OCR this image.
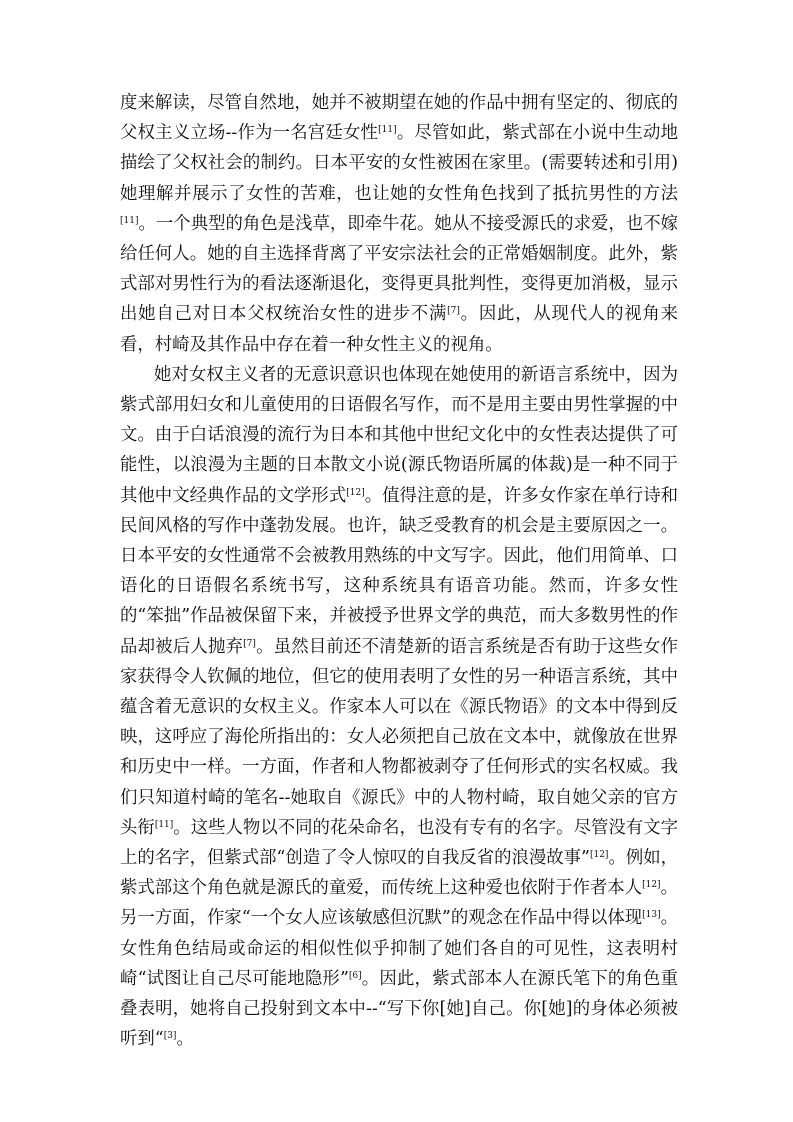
度来解读，尽管自然地，她并不被期望在她的作品中拥有坚定的、彻底的父权主义立场--作为一名宫廷女性[11]。尽管如此，紫式部在小说中生动地描绘了父权社会的制约。日本平安的女性被困在家里。(需要转述和引用)她理解并展示了女性的苦难，也让她的女性角色找到了抵抗男性的方法[11]。一个典型的角色是浅草，即牵牛花。她从不接受源氏的求爱，也不嫁给任何人。她的自主选择背离了平安宗法社会的正常婚姻制度。此外，紫式部对男性行为的看法逐渐退化，变得更具批判性，变得更加消极，显示出她自己对日本父权统治女性的进步不满[7]。因此，从现代人的视角来看，村崎及其作品中存在着一种女性主义的视角。

她对女权主义者的无意识意识也体现在她使用的新语言系统中，因为紫式部用妇女和儿童使用的日语假名写作，而不是用主要由男性掌握的中文。由于白话浪漫的流行为日本和其他中世纪文化中的女性表达提供了可能性，以浪漫为主题的日本散文小说(源氏物语所属的体裁)是一种不同于其他中文经典作品的文学形式[12]。值得注意的是，许多女作家在单行诗和民间风格的写作中蓬勃发展。也许，缺乏受教育的机会是主要原因之一。日本平安的女性通常不会被教用熟练的中文写字。因此，他们用简单、口语化的日语假名系统书写，这种系统具有语音功能。然而，许多女性的“笨拙”作品被保留下来，并被授予世界文学的典范，而大多数男性的作品却被后人抛弃[7]。虽然目前还不清楚新的语言系统是否有助于这些女作家获得令人钦佩的地位，但它的使用表明了女性的另一种语言系统，其中蕴含着无意识的女权主义。作家本人可以在《源氏物语》的文本中得到反映，这呼应了海伦所指出的：女人必须把自己放在文本中，就像放在世界和历史中一样。一方面，作者和人物都被剥夺了任何形式的实名权威。我们只知道村崎的笔名--她取自《源氏》中的人物村崎，取自她父亲的官方头衔[11]。这些人物以不同的花朵命名，也没有专有的名字。尽管没有文字上的名字，但紫式部“创造了令人惊叹的自我反省的浪漫故事”[12]。例如，紫式部这个角色就是源氏的童爱，而传统上这种爱也依附于作者本人[12]。另一方面，作家“一个女人应该敏感但沉默”的观念在作品中得以体现[13]。女性角色结局或命运的相似性似乎抑制了她们各自的可见性，这表明村崎“试图让自己尽可能地隐形”[6]。因此，紫式部本人在源氏笔下的角色重叠表明，她将自己投射到文本中--“写下你[她]自己。你[她]的身体必须被听到“[3]。
